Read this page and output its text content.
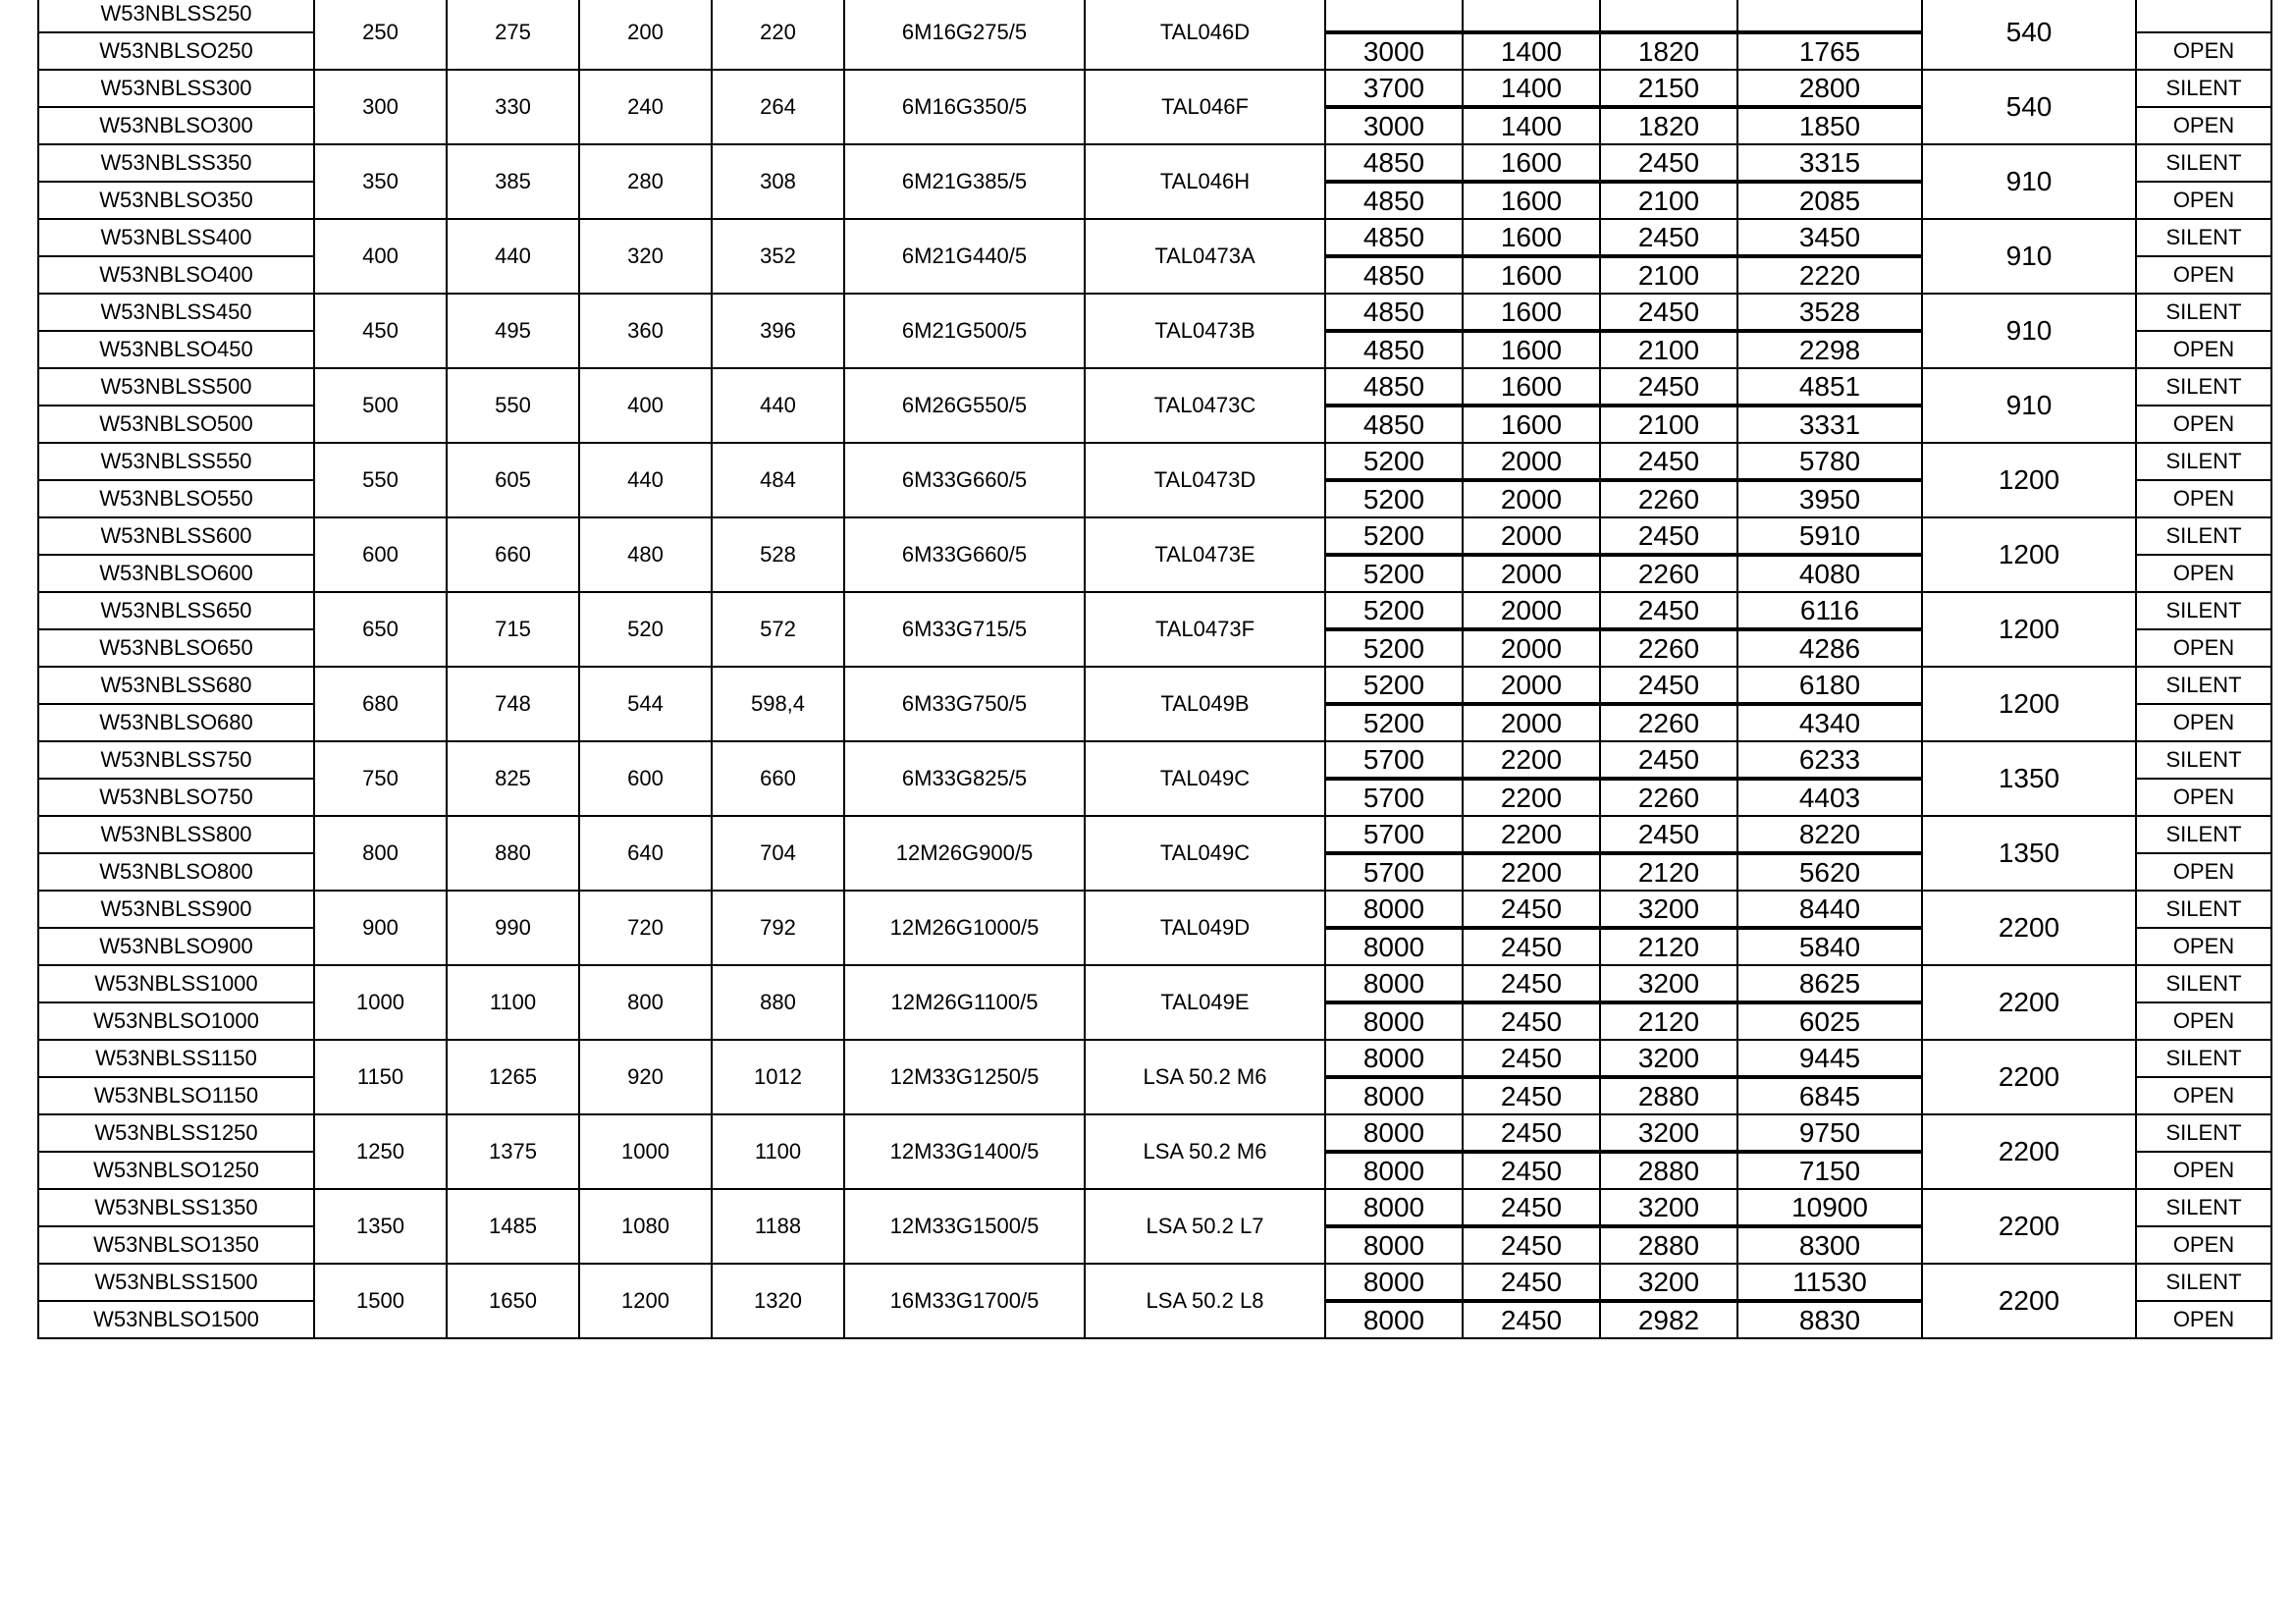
W53NBLSS250	250	275	200	220	6M16G275/5	TAL046D					540	
W53NBLSO250							3000	1400	1820	1765		OPEN
W53NBLSS300	300	330	240	264	6M16G350/5	TAL046F	3700	1400	2150	2800	540	SILENT
W53NBLSO300							3000	1400	1820	1850		OPEN
W53NBLSS350	350	385	280	308	6M21G385/5	TAL046H	4850	1600	2450	3315	910	SILENT
W53NBLSO350							4850	1600	2100	2085		OPEN
W53NBLSS400	400	440	320	352	6M21G440/5	TAL0473A	4850	1600	2450	3450	910	SILENT
W53NBLSO400							4850	1600	2100	2220		OPEN
W53NBLSS450	450	495	360	396	6M21G500/5	TAL0473B	4850	1600	2450	3528	910	SILENT
W53NBLSO450							4850	1600	2100	2298		OPEN
W53NBLSS500	500	550	400	440	6M26G550/5	TAL0473C	4850	1600	2450	4851	910	SILENT
W53NBLSO500							4850	1600	2100	3331		OPEN
W53NBLSS550	550	605	440	484	6M33G660/5	TAL0473D	5200	2000	2450	5780	1200	SILENT
W53NBLSO550							5200	2000	2260	3950		OPEN
W53NBLSS600	600	660	480	528	6M33G660/5	TAL0473E	5200	2000	2450	5910	1200	SILENT
W53NBLSO600							5200	2000	2260	4080		OPEN
W53NBLSS650	650	715	520	572	6M33G715/5	TAL0473F	5200	2000	2450	6116	1200	SILENT
W53NBLSO650							5200	2000	2260	4286		OPEN
W53NBLSS680	680	748	544	598,4	6M33G750/5	TAL049B	5200	2000	2450	6180	1200	SILENT
W53NBLSO680							5200	2000	2260	4340		OPEN
W53NBLSS750	750	825	600	660	6M33G825/5	TAL049C	5700	2200	2450	6233	1350	SILENT
W53NBLSO750							5700	2200	2260	4403		OPEN
W53NBLSS800	800	880	640	704	12M26G900/5	TAL049C	5700	2200	2450	8220	1350	SILENT
W53NBLSO800							5700	2200	2120	5620		OPEN
W53NBLSS900	900	990	720	792	12M26G1000/5	TAL049D	8000	2450	3200	8440	2200	SILENT
W53NBLSO900							8000	2450	2120	5840		OPEN
W53NBLSS1000	1000	1100	800	880	12M26G1100/5	TAL049E	8000	2450	3200	8625	2200	SILENT
W53NBLSO1000							8000	2450	2120	6025		OPEN
W53NBLSS1150	1150	1265	920	1012	12M33G1250/5	LSA 50.2 M6	8000	2450	3200	9445	2200	SILENT
W53NBLSO1150							8000	2450	2880	6845		OPEN
W53NBLSS1250	1250	1375	1000	1100	12M33G1400/5	LSA 50.2 M6	8000	2450	3200	9750	2200	SILENT
W53NBLSO1250							8000	2450	2880	7150		OPEN
W53NBLSS1350	1350	1485	1080	1188	12M33G1500/5	LSA 50.2 L7	8000	2450	3200	10900	2200	SILENT
W53NBLSO1350							8000	2450	2880	8300		OPEN
W53NBLSS1500	1500	1650	1200	1320	16M33G1700/5	LSA 50.2 L8	8000	2450	3200	11530	2200	SILENT
W53NBLSO1500							8000	2450	2982	8830		OPEN
